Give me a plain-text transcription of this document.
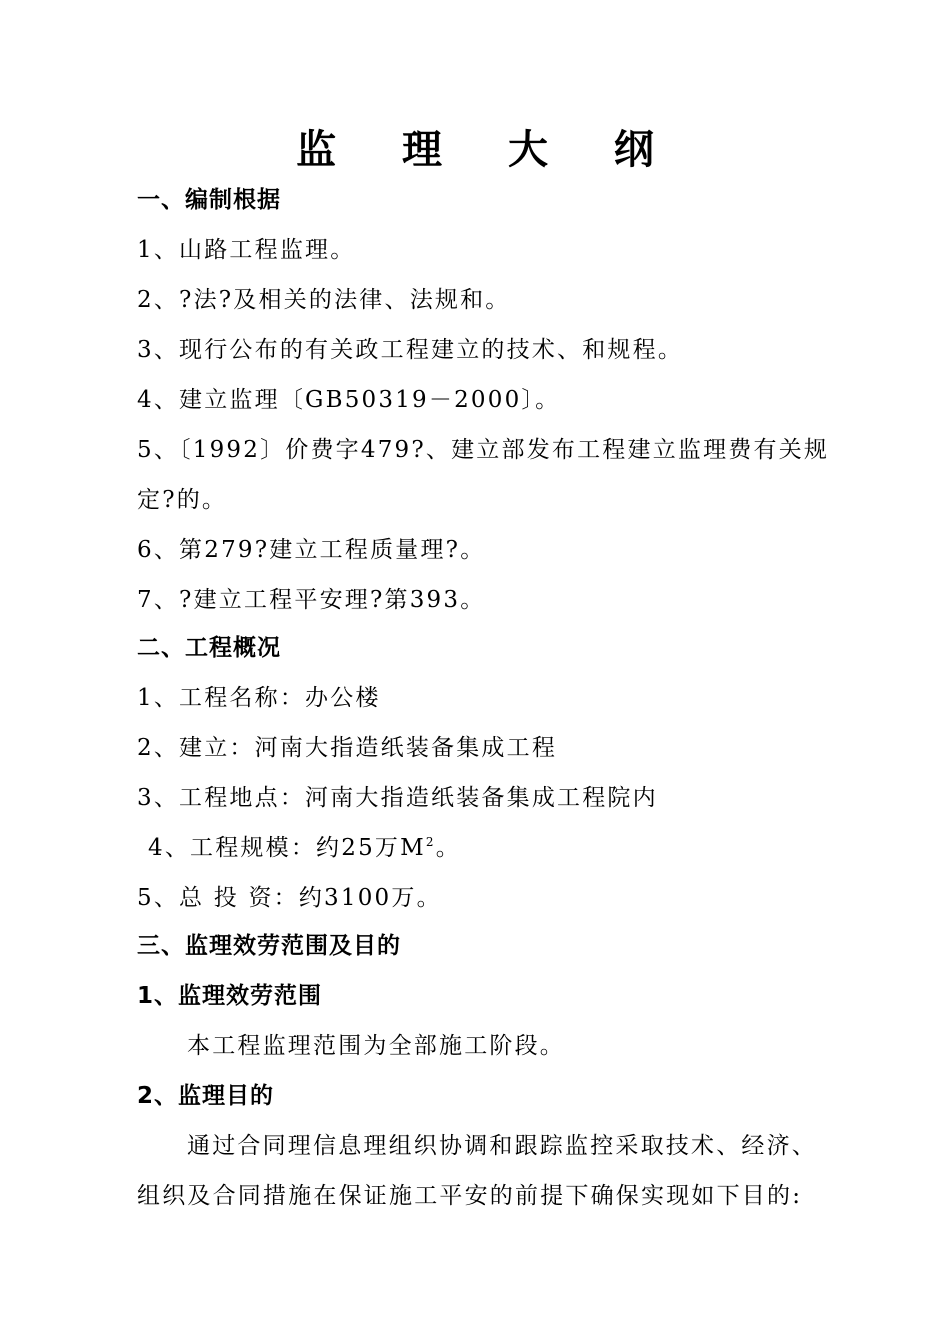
监 理 大 纲
一、编制根据
1、山路工程监理。
2、?法?及相关的法律、法规和。
3、现行公布的有关政工程建立的技术、和规程。
4、建立监理〔GB50319－2000〕。
5、〔1992〕价费字479?、建立部发布工程建立监理费有关规
定?的。
6、第279?建立工程质量理?。
7、?建立工程平安理?第393。
二、工程概况
1、工程名称：办公楼
2、建立：河南大指造纸装备集成工程
3、工程地点：河南大指造纸装备集成工程院内
4、工程规模：约25万$M^2$。
5、总 投 资：约3100万。
三、监理效劳范围及目的
1、监理效劳范围
本工程监理范围为全部施工阶段。
2、监理目的
通过合同理信息理组织协调和跟踪监控采取技术、经济、
组织及合同措施在保证施工平安的前提下确保实现如下目的:
